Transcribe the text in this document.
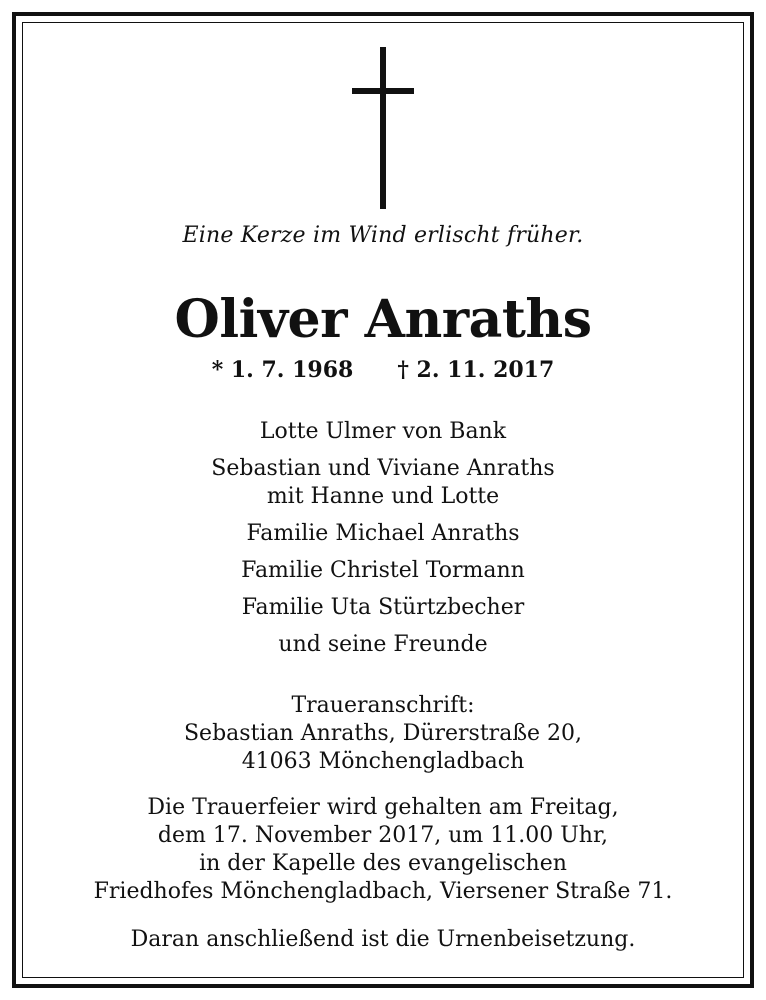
Eine Kerze im Wind erlischt früher.
Oliver Anraths
* 1. 7. 1968 † 2. 11. 2017
Lotte Ulmer von Bank
Sebastian und Viviane Anraths
mit Hanne und Lotte
Familie Michael Anraths
Familie Christel Tormann
Familie Uta Stürtzbecher
und seine Freunde
Traueranschrift:
Sebastian Anraths, Dürerstraße 20,
41063 Mönchengladbach
Die Trauerfeier wird gehalten am Freitag,
dem 17. November 2017, um 11.00 Uhr,
in der Kapelle des evangelischen
Friedhofes Mönchengladbach, Viersener Straße 71.
Daran anschließend ist die Urnenbeisetzung.
